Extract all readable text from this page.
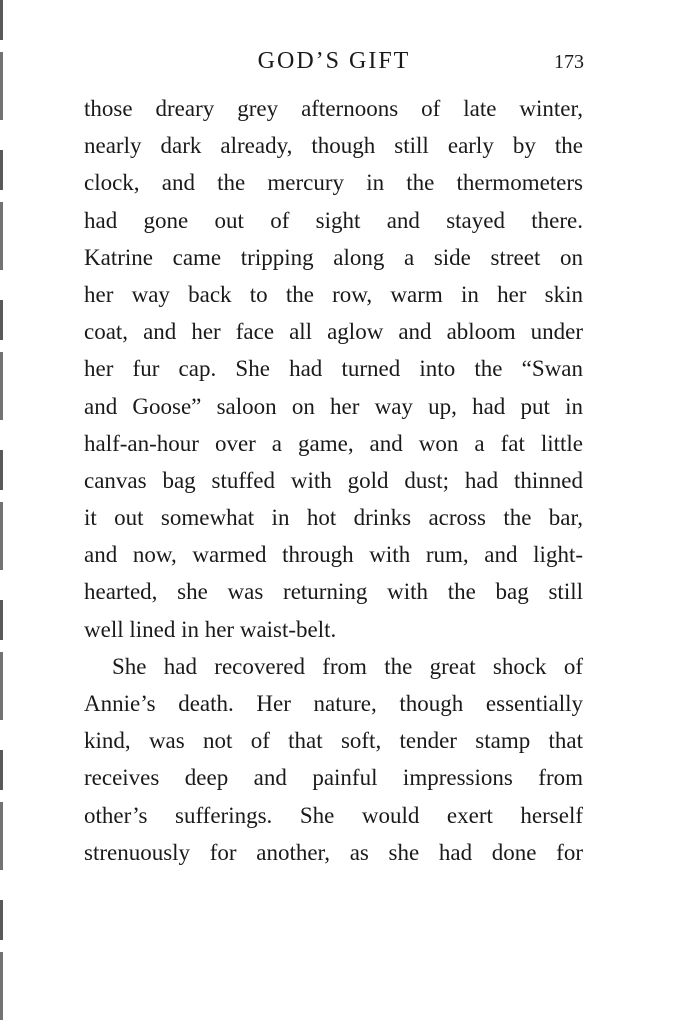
GOD’S GIFT	173
those dreary grey afternoons of late winter,
nearly dark already, though still early by the
clock, and the mercury in the thermometers
had gone out of sight and stayed there.
Katrine came tripping along a side street on
her way back to the row, warm in her skin
coat, and her face all aglow and abloom under
her fur cap. She had turned into the “Swan
and Goose” saloon on her way up, had put in
half-an-hour over a game, and won a fat little
canvas bag stuffed with gold dust; had thinned
it out somewhat in hot drinks across the bar,
and now, warmed through with rum, and light-
hearted, she was returning with the bag still
well lined in her waist-belt.
She had recovered from the great shock of
Annie’s death. Her nature, though essentially
kind, was not of that soft, tender stamp that
receives deep and painful impressions from
other’s sufferings. She would exert herself
strenuously for another, as she had done for
